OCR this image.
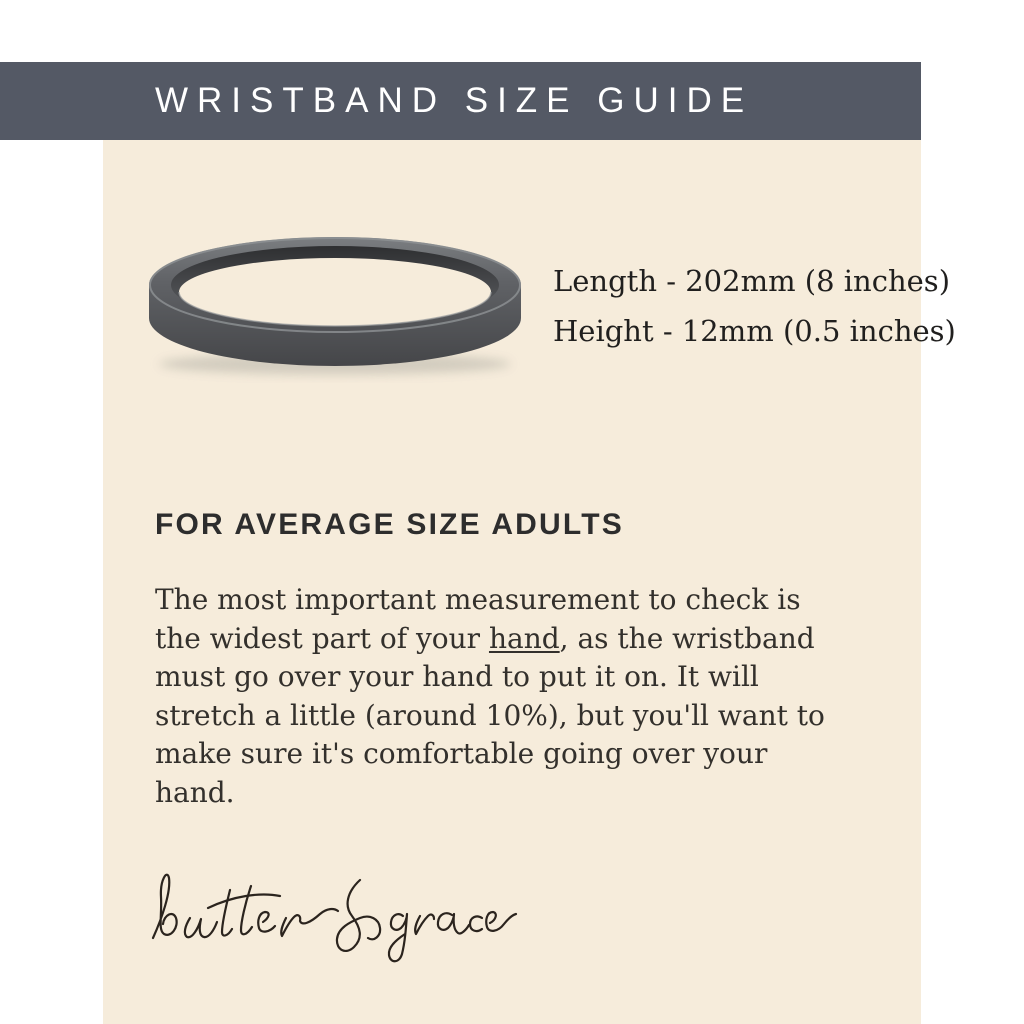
WRISTBAND SIZE GUIDE

Length - 202mm (8 inches)

Height - 12mm (0.5 inches)

FOR AVERAGE SIZE ADULTS

The most important measurement to check is the widest part of your hand, as the wristband must go over your hand to put it on. It will stretch a little (around 10%), but you'll want to make sure it's comfortable going over your hand.
